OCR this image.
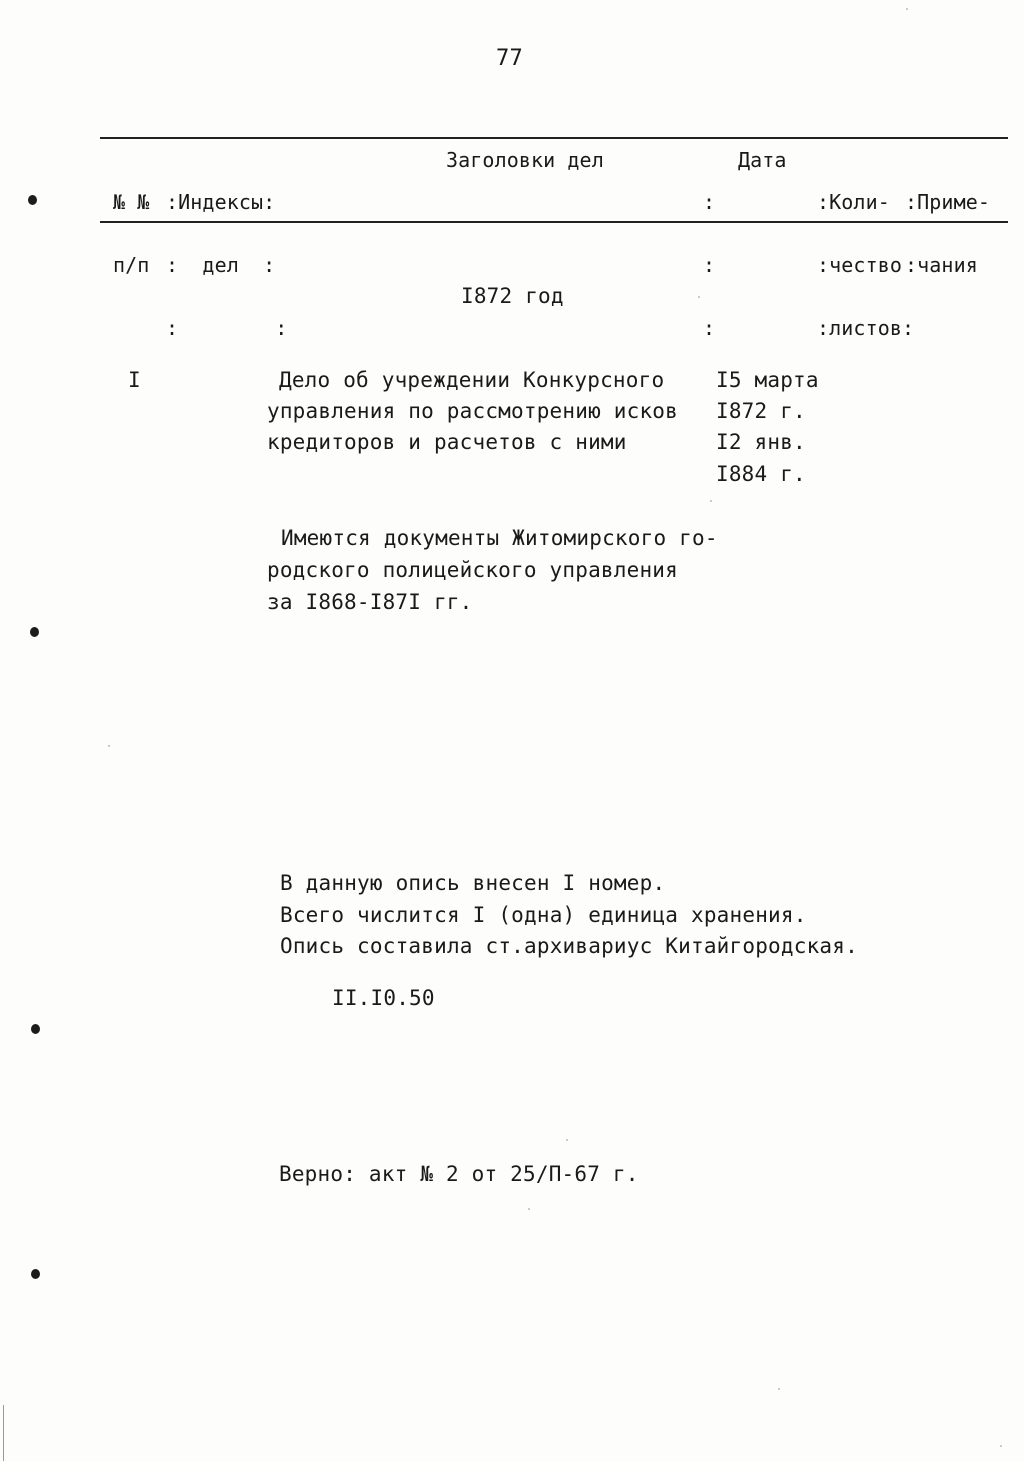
77

№ №

п/п

:Индексы:

:  дел  :

:        :

Заголовки дел

:

:

:

Дата

:Коли-

:чество

:листов:

:Приме-

:чания

I872 год
I	Дело об учреждении Конкурсного
управления по рассмотрению исков
кредиторов и расчетов с ними
I5 марта
I872 г.
I2 янв.
I884 г.
Имеются документы Житомирского го-
родского полицейского управления
за I868-I87I гг.
В данную опись внесен I номер.
Всего числится I (одна) единица хранения.
Опись составила ст.архивариус Китайгородская.
II.I0.50
Верно: акт № 2 от 25/П-67 г.
